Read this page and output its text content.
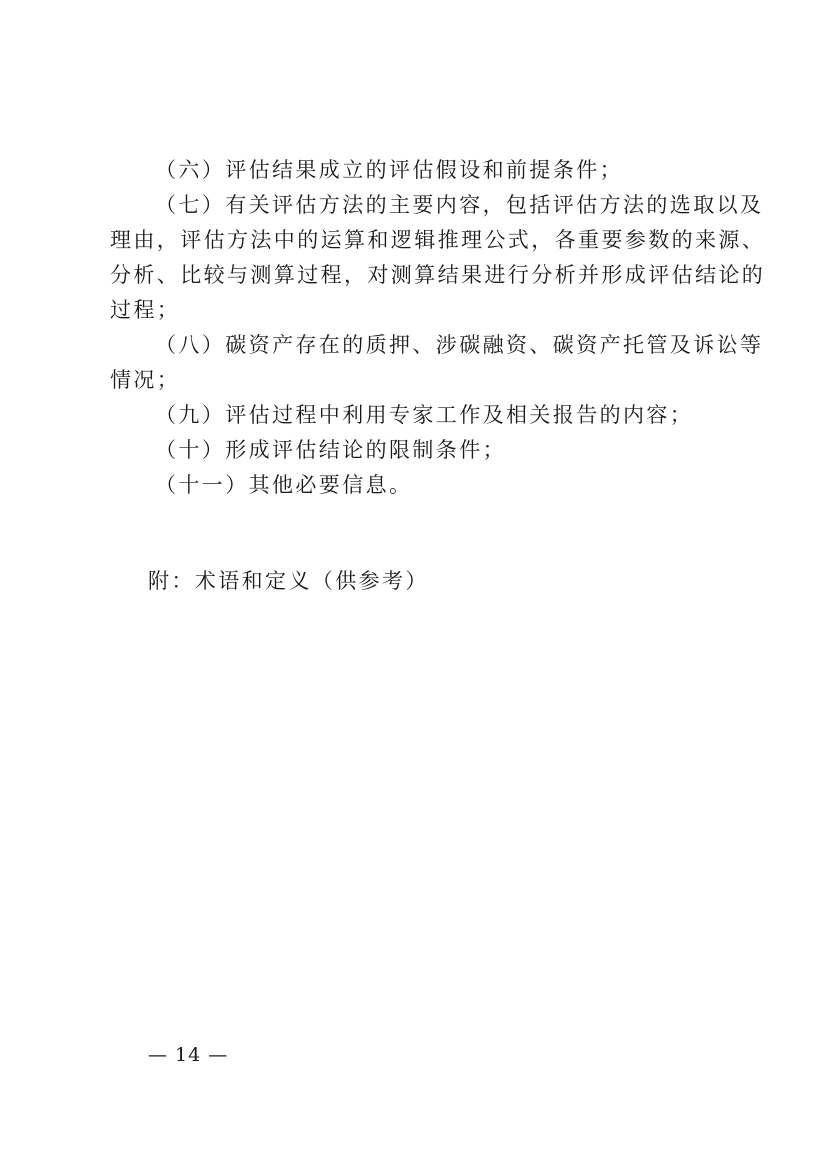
（六）评估结果成立的评估假设和前提条件；
（七）有关评估方法的主要内容，包括评估方法的选取以及
理由，评估方法中的运算和逻辑推理公式，各重要参数的来源、
分析、比较与测算过程，对测算结果进行分析并形成评估结论的
过程；
（八）碳资产存在的质押、涉碳融资、碳资产托管及诉讼等
情况；
（九）评估过程中利用专家工作及相关报告的内容；
（十）形成评估结论的限制条件；
（十一）其他必要信息。
附：术语和定义（供参考）
— 14 —
